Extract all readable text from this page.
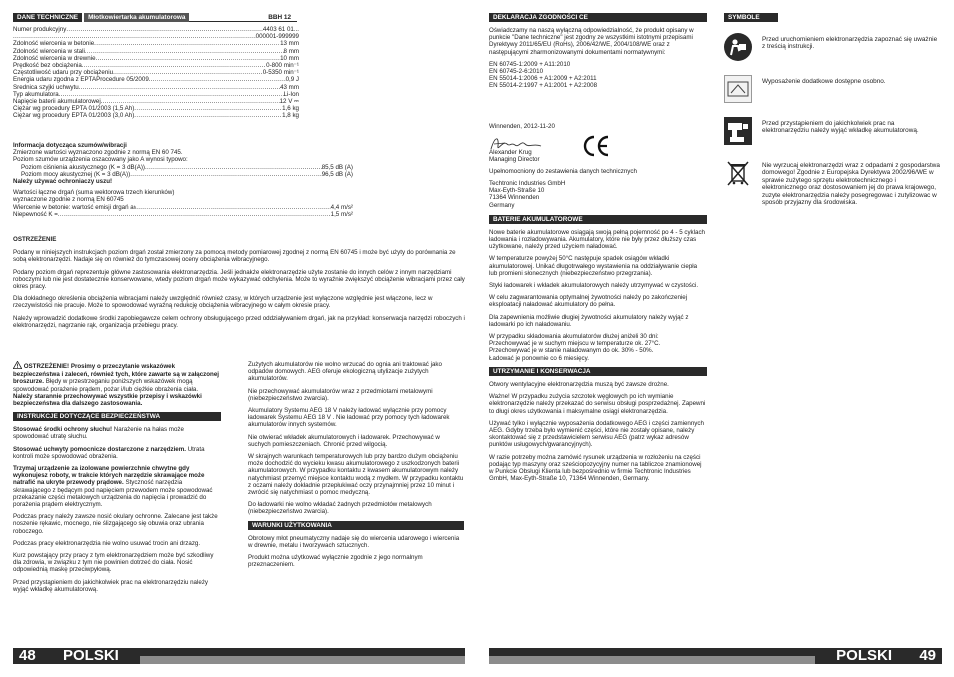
DANE TECHNICZNE	Młotkowiertarka akumulatorowa	BBH 12
Numer produkcyjny .....	4403 61 01...
.....
000001-999999
Zdolność wiercenia w betonie .....	13 mm
Zdolność wiercenia w stali .....	8 mm
Zdolność wiercenia w drewnie .....	10 mm
Prędkość bez obciążenia .....	0-800 min⁻¹
Częstotliwość udaru przy obciążeniu .....	0-5350 min⁻¹
Energia udaru zgodna z EPTAProcedure 05/2009 .....	0,9 J
Średnica szyjki uchwytu .....	43 mm
Typ akumulatora .....	Li-Ion
Napięcie baterii akumulatorowej .....	12 V ⎓
Ciężar wg procedury EPTA 01/2003 (1,5 Ah) .....	1,6 kg
Ciężar wg procedury EPTA 01/2003 (3,0 Ah) .....	1,8 kg
Informacja dotycząca szumów/wibracji
Zmierzone wartości wyznaczono zgodnie z normą EN 60 745.
Poziom szumów urządzenia oszacowany jako A wynosi typowo:
Poziom ciśnienia akustycznego (K = 3 dB(A)) .....	85,5 dB (A)
Poziom mocy akustycznej (K = 3 dB(A)) .....	96,5 dB (A)
Należy używać ochroniaczy uszu!
Wartości łączne drgań (suma wektorowa trzech kierunków)
wyznaczone zgodnie z normą EN 60745
Wiercenie w betonie: wartość emisji drgań a h .....	4,4 m/s²
Niepewność K = .....	1,5 m/s²
OSTRZEŻENIE

Podany w niniejszych instrukcjach poziom drgań został zmierzony za pomocą metody pomiarowej zgodnej z normą EN 60745 i może być użyty do porównania ze sobą elektronarzędzi. Nadaje się on również do tymczasowej oceny obciążenia wibracyjnego.

Podany poziom drgań reprezentuje główne zastosowania elektronarzędzia. Jeśli jednakże elektronarzędzie użyte zostanie do innych celów z innym narzędziami roboczymi lub nie jest dostatecznie konserwowane, wtedy poziom drgań może wykazywać odchylenia. Może to wyraźnie zwiększyć obciążenie wibracjami przez cały okres pracy.

Dla dokładnego określenia obciążenia wibracjami należy uwzględnić również czasy, w których urządzenie jest wyłączone względnie jest włączone, lecz w rzeczywistości nie pracuje. Może to spowodować wyraźną redukcję obciążenia wibracyjnego w całym okresie pracy.

Należy wprowadzić dodatkowe środki zapobiegawcze celem ochrony obsługującego przed oddziaływaniem drgań, jak na przykład: konserwacja narzędzi roboczych i elektronarzędzi, nagrzanie rąk, organizacja przebiegu pracy.

OSTRZEŻENIE! Prosimy o przeczytanie wskazówek bezpieczeństwa i zaleceń, również tych, które zawarte są w załączonej broszurze. Błędy w przestrzeganiu poniższych wskazówek mogą spowodować porażenie prądem, pożar i/lub ciężkie obrażenia ciała.
Należy starannie przechowywać wszystkie przepisy i wskazówki bezpieczeństwa dla dalszego zastosowania.
INSTRUKCJE DOTYCZĄCE BEZPIECZEŃSTWA
Stosować środki ochrony słuchu! Narażenie na hałas może spowodować utratę słuchu.
Stosować uchwyty pomocnicze dostarczone z narzędziem. Utrata kontroli może spowodować obrażenia.
Trzymaj urządzenie za izolowane powierzchnie chwytne gdy wykonujesz roboty, w trakcie których narzędzie skrawające może natrafić na ukryte przewody prądowe. Styczność narzędzia skrawającego z będącym pod napięciem przewodem może spowodować przekazanie części metalowych urządzenia do napięcia i prowadzić do porażenia prądem elektrycznym.

Podczas pracy należy zawsze nosić okulary ochronne. Zalecane jest także noszenie rękawic, mocnego, nie ślizgającego się obuwia oraz ubrania roboczego.

Podczas pracy elektronarzędzia nie wolno usuwać trocin ani drzazg.

Kurz powstający przy pracy z tym elektronarzędziem może być szkodliwy dla zdrowia, w związku z tym nie powinien dotrzeć do ciała. Nosić odpowiednią maskę przeciwpyłową.

Przed przystąpieniem do jakichkolwiek prac na elektronarzędziu należy wyjąć wkładkę akumulatorową.

Zużytych akumulatorów nie wolno wrzucać do ognia ani traktować jako odpadów domowych. AEG oferuje ekologiczną utylizacje zużytych akumulatorów.

Nie przechowywać akumulatorów wraz z przedmiotami metalowymi (niebezpieczeństwo zwarcia).

Akumulatory Systemu AEG 18 V należy ładować wyłącznie przy pomocy ładowarek Systemu AEG 18 V . Nie ładować przy pomocy tych ładowarek akumulatorów innych systemów.

Nie otwierać wkładek akumulatorowych i ładowarek. Przechowywać w suchych pomieszczeniach. Chronić przed wilgocią.

W skrajnych warunkach temperaturowych lub przy bardzo dużym obciążeniu może dochodzić do wycieku kwasu akumulatorowego z uszkodzonych baterii akumulatorowych. W przypadku kontaktu z kwasem akumulatorowym należy natychmiast przemyć miejsce kontaktu wodą z mydłem. W przypadku kontaktu z oczami należy dokładnie przepłukiwać oczy przynajmniej przez 10 minut i zwrócić się natychmiast o pomoc medyczną.

Do ładowarki nie wolno wkładać żadnych przedmiotów metalowych (niebezpieczeństwo zwarcia).

WARUNKI UŻYTKOWANIA

Obrotowy młot pneumatyczny nadaje się do wiercenia udarowego i wiercenia w drewnie, metalu i tworzywach sztucznych.

Produkt można użytkować wyłącznie zgodnie z jego normalnym przeznaczeniem.

48 POLSKI
DEKLARACJA ZGODNOŚCI CE

Oświadczamy na naszą wyłączną odpowiedzialność, że produkt opisany w punkcie "Dane techniczne" jest zgodny ze wszystkimi istotnymi przepisami Dyrektywy 2011/65/EU (RoHs), 2006/42/WE, 2004/108/WE oraz z następującymi zharmonizowanymi dokumentami normatywnymi:

EN 60745-1:2009 + A11:2010
EN 60745-2-6:2010
EN 55014-1:2006 + A1:2009 + A2:2011
EN 55014-2:1997 + A1:2001 + A2:2008
Winnenden, 2012-11-20
Alexander Krug
Managing Director

Upełnomocniony do zestawienia danych technicznych

Techtronic Industries GmbH
Max-Eyth-Straße 10
71364 Winnenden
Germany
BATERIE AKUMULATOROWE

Nowe baterie akumulatorowe osiągają swoją pełną pojemność po 4 - 5 cyklach ładowania i rozładowywania. Akumulatory, które nie były przez dłuższy czas użytkowane, należy przed użyciem naładować.

W temperaturze powyżej 50°C następuje spadek osiągów wkładki akumulatorowej. Unikać długotrwałego wystawienia na oddziaływanie ciepła lub promieni słonecznych (niebezpieczeństwo przegrzania).

Styki ładowarek i wkładek akumulatorowych należy utrzymywać w czystości.

W celu zagwarantowania optymalnej żywotności należy po zakończeniej eksploatacji naładować akumulatory do pełna.

Dla zapewnienia możliwie długiej żywotności akumulatory należy wyjąć z ładowarki po ich naładowaniu.

W przypadku składowania akumulatorów dłużej aniżeli 30 dni:
Przechowywać je w suchym miejscu w temperaturze ok. 27°C.
Przechowywać je w stanie naładowanym do ok. 30% - 50%.
Ładować je ponownie co 6 miesięcy.

UTRZYMANIE I KONSERWACJA

Otwory wentylacyjne elektronarzędzia muszą być zawsze drożne.

Ważne! W przypadku zużycia szczotek węglowych po ich wymianie elektronarzędzie należy przekazać do serwisu obsługi posprzedażnej. Zapewni to długi okres użytkowania i maksymalne osiągi elektronarzędzia.

Używać tylko i wyłącznie wyposażenia dodatkowego AEG i części zamiennych AEG. Gdyby trzeba było wymienić części, które nie zostały opisane, należy skontaktować się z przedstawicielem serwisu AEG (patrz wykaz adresów punktów usługowych/gwarancyjnych).

W razie potrzeby można zamówić rysunek urządzenia w rozłożeniu na części podając typ maszyny oraz sześciopozycyjny numer na tabliczce znamionowej w Punkcie Obsługi Klienta lub bezpośrednio w firmie Techtronic Industries GmbH, Max-Eyth-Straße 10, 71364 Winnenden, Germany.

SYMBOLE
Przed uruchomieniem elektronarzędzia zapoznać się uważnie z treścią instrukcji.
Wyposażenie dodatkowe dostępne osobno.
Przed przystąpieniem do jakichkolwiek prac na elektronarzędziu należy wyjąć wkładkę akumulatorową.
Nie wyrzucaj elektronarzędzi wraz z odpadami z gospodarstwa domowego! Zgodnie z Europejska Dyrektywa 2002/96/WE w sprawie zużytego sprzętu elektrotechnicznego i elektronicznego oraz dostosowaniem jej do prawa krajowego, zuzyte elektronarzędzia należy posegregowac i zutylizowac w sposób przyjazny dla środowiska.
POLSKI 49
